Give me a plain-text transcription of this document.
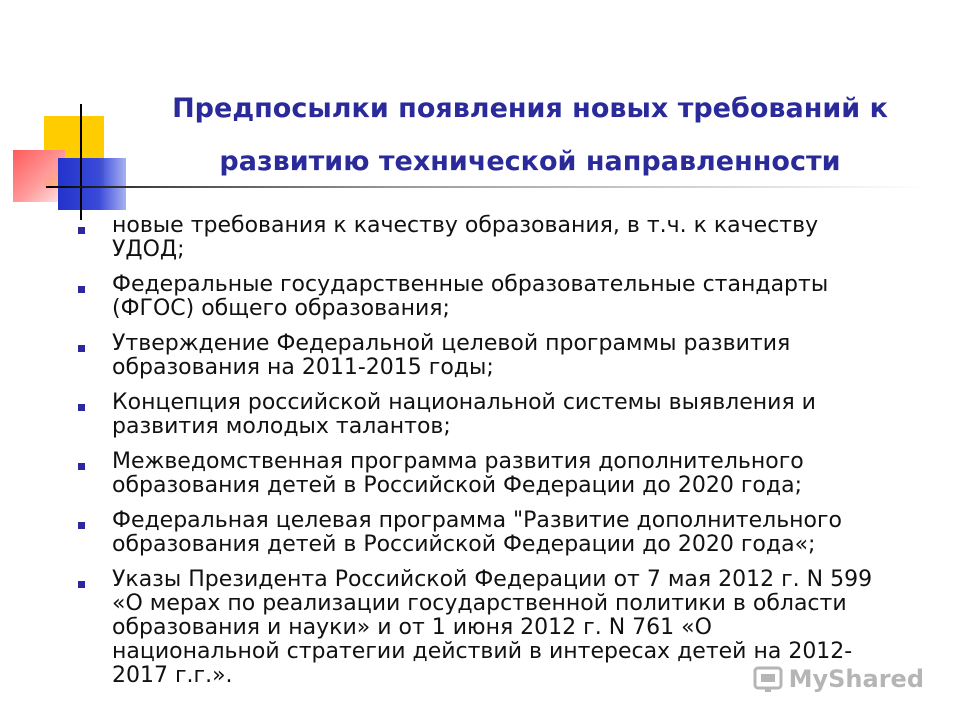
Предпосылки появления новых требований к
развитию технической направленности
новые требования к качеству образования, в т.ч. к качеству
УДОД;
Федеральные государственные образовательные стандарты
(ФГОС) общего образования;
Утверждение Федеральной целевой программы развития
образования на 2011-2015 годы;
Концепция российской национальной системы выявления и
развития молодых талантов;
Межведомственная программа развития дополнительного
образования детей в Российской Федерации до 2020 года;
Федеральная целевая программа "Развитие дополнительного
образования детей в Российской Федерации до 2020 года«;
Указы Президента Российской Федерации от 7 мая 2012 г. N 599
«О мерах по реализации государственной политики в области
образования и науки» и от 1 июня 2012 г. N 761 «О
национальной стратегии действий в интересах детей на 2012-
2017 г.г.».	MyShared
